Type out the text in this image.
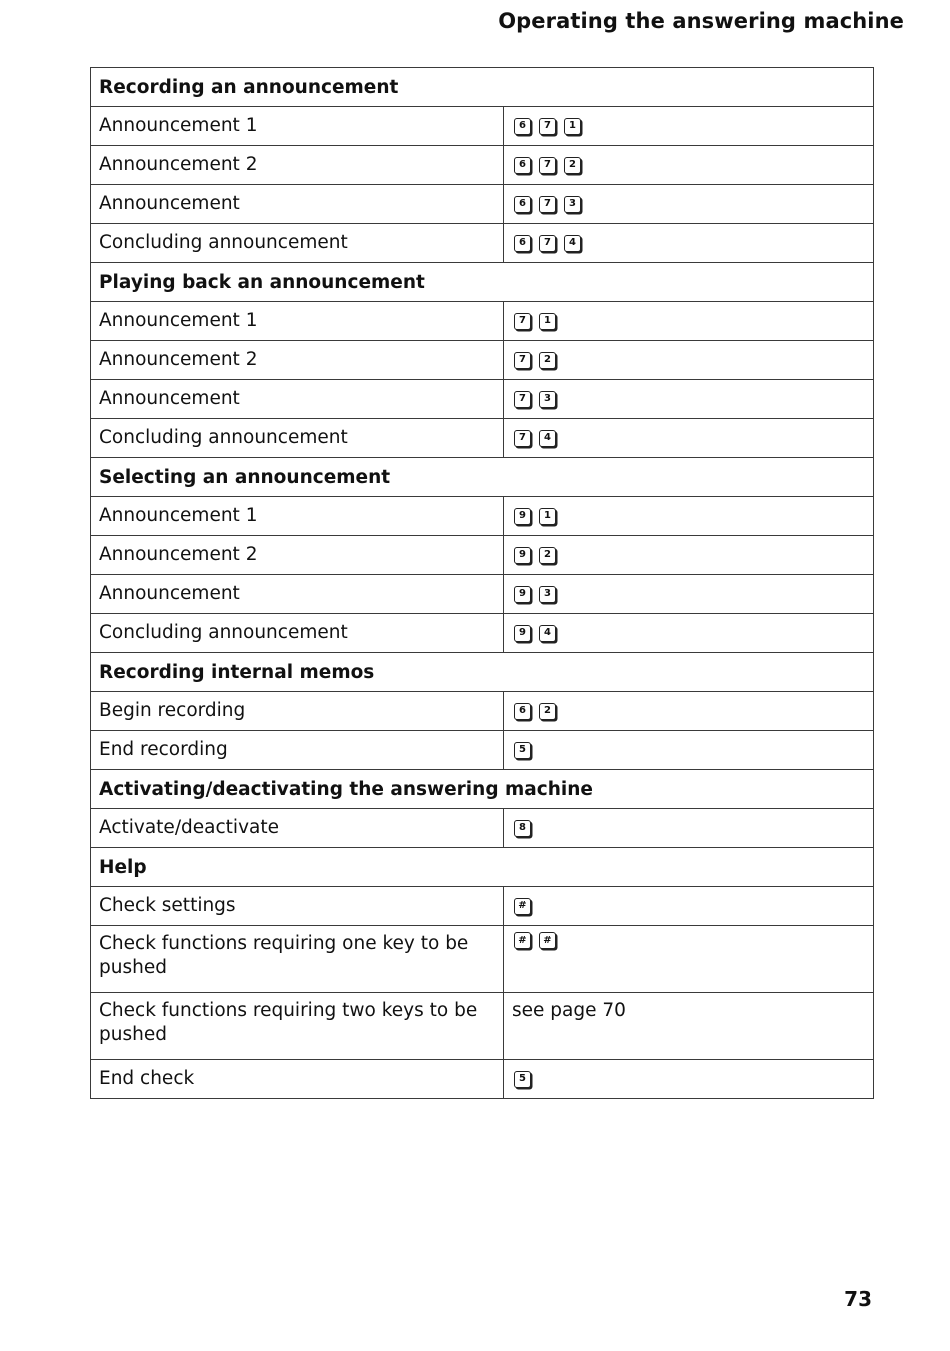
Operating the answering machine
Recording an announcement	
Announcement 1	6 7 1

Announcement 2	6 7 2

Announcement	6 7 3

Concluding announcement	6 7 4

Playing back an announcement	
Announcement 1	7 1

Announcement 2	7 2

Announcement	7 3

Concluding announcement	7 4

Selecting an announcement	
Announcement 1	9 1

Announcement 2	9 2

Announcement	9 3

Concluding announcement	9 4

Recording internal memos	
Begin recording	6 2

End recording	5

Activating/deactivating the answering machine	
Activate/deactivate	8

Help	
Check settings	#

Check functions requiring one key to be pushed	# #

Check functions requiring two keys to be pushed	see page 70
End check	5
73
